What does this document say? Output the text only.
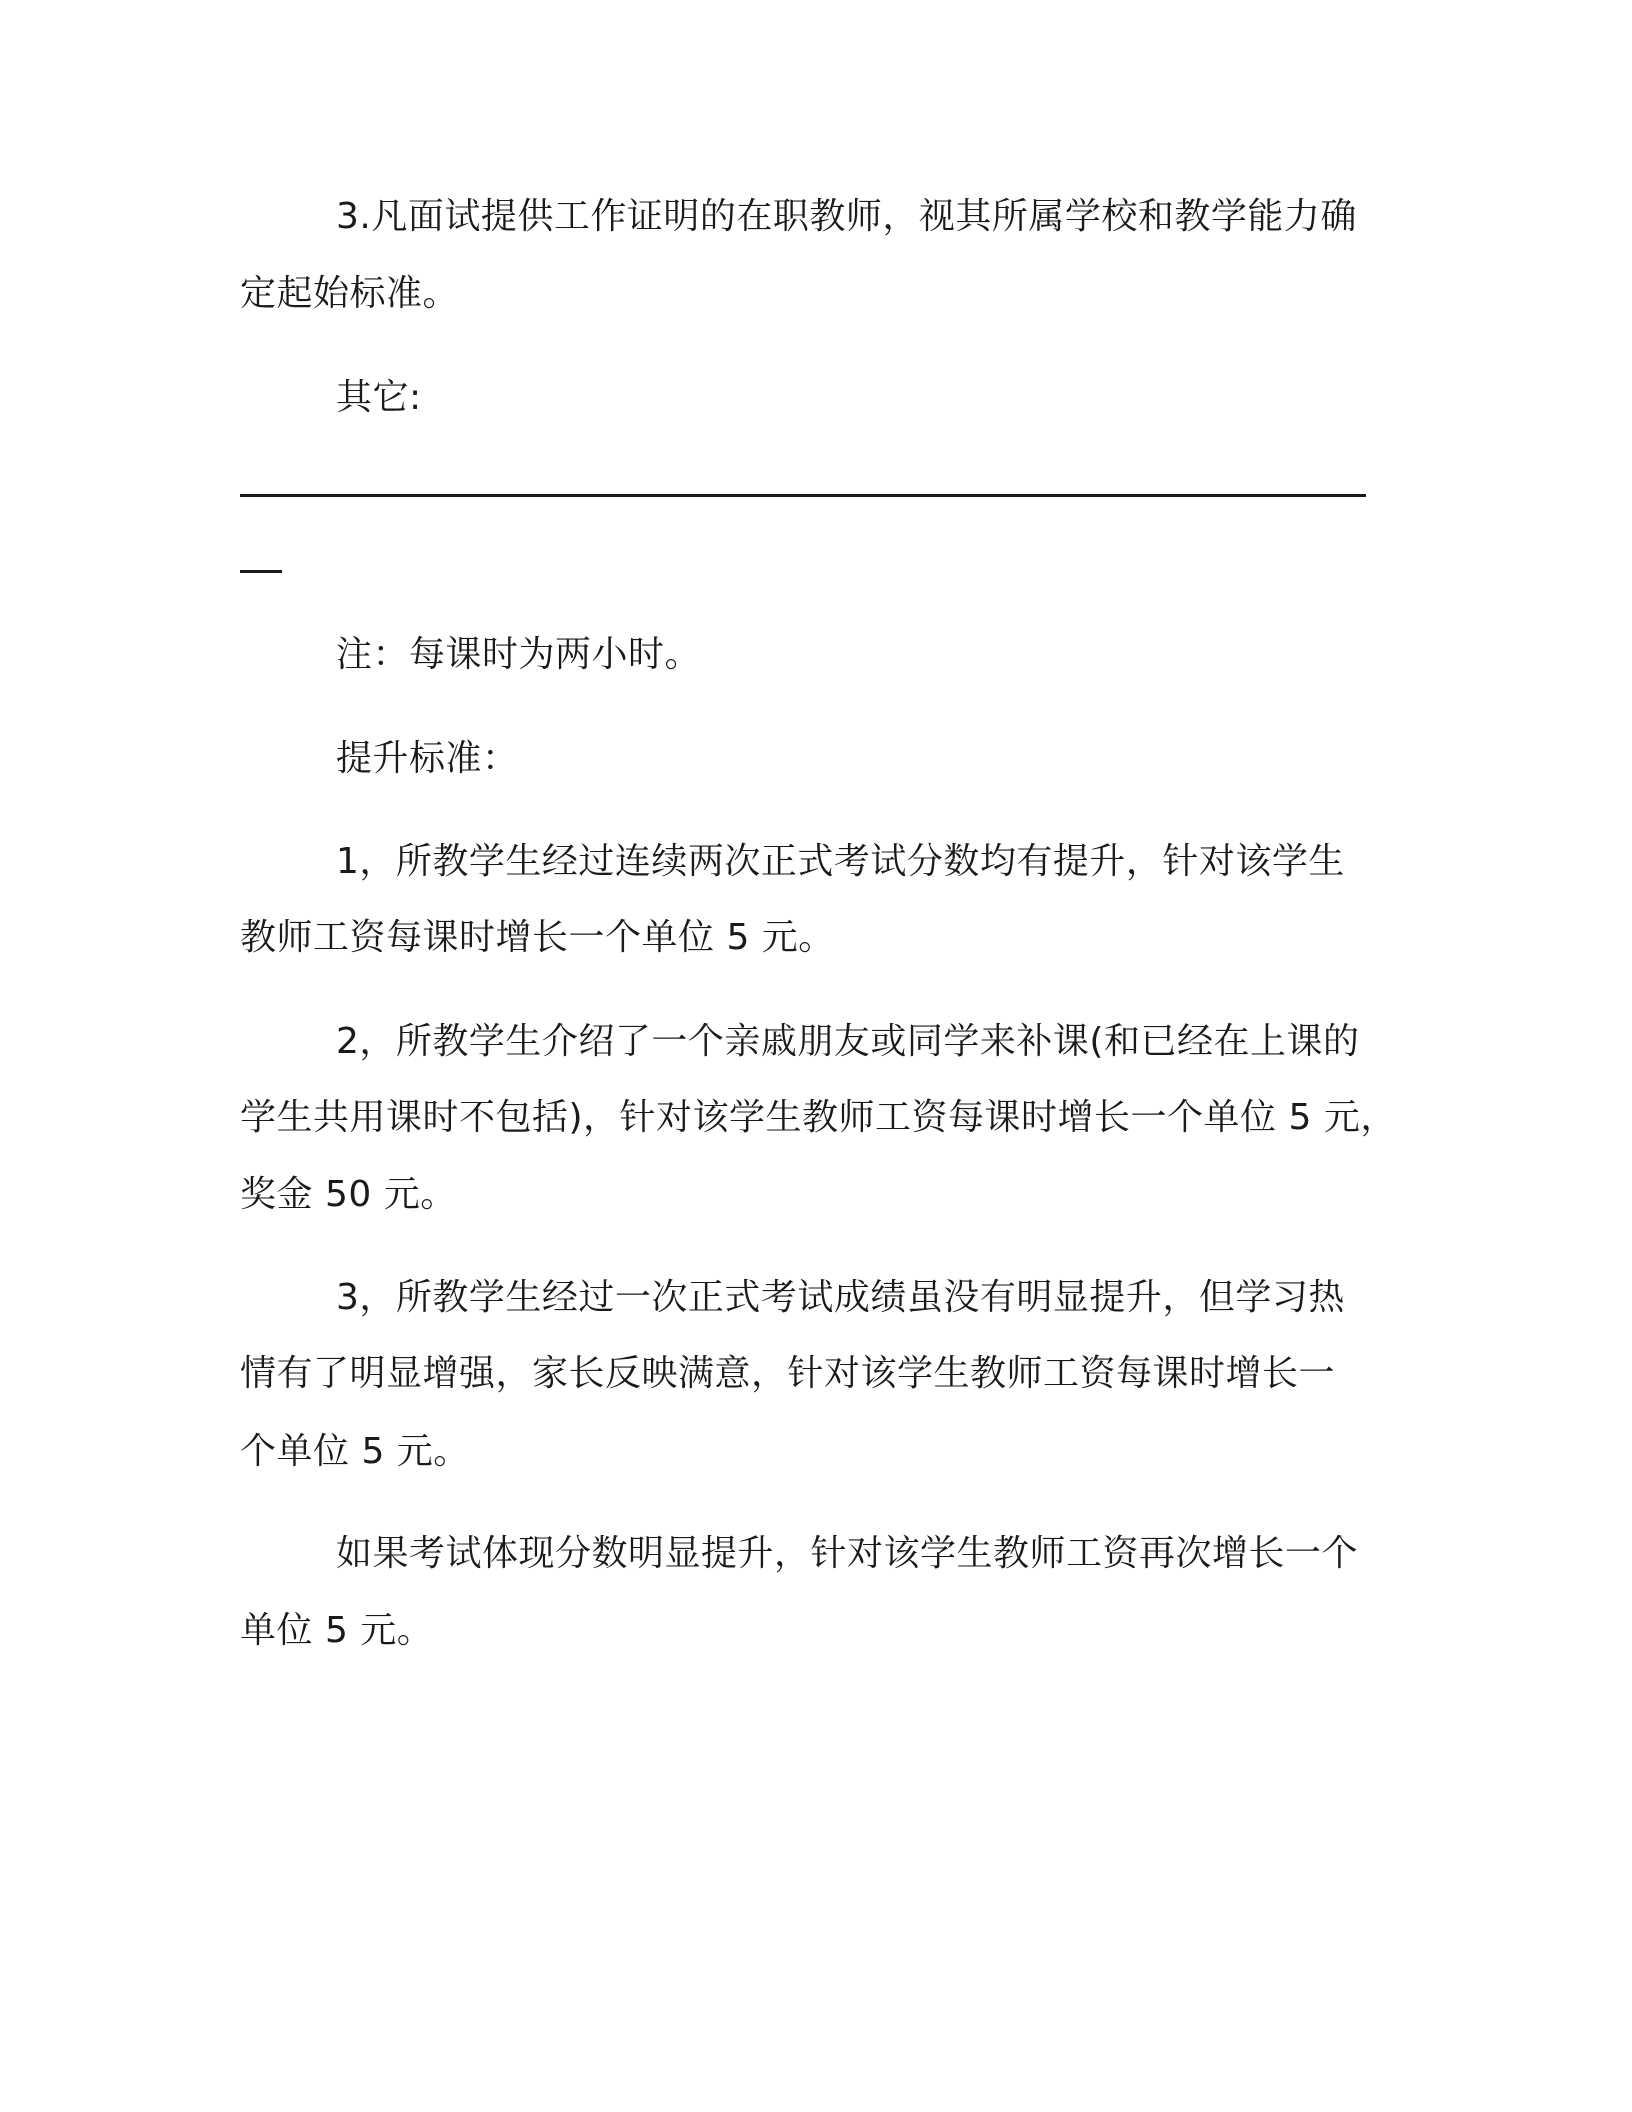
3.凡面试提供工作证明的在职教师，视其所属学校和教学能力确

定起始标准。

其它:

注：每课时为两小时。

提升标准：

1，所教学生经过连续两次正式考试分数均有提升，针对该学生

教师工资每课时增长一个单位 5 元。

2，所教学生介绍了一个亲戚朋友或同学来补课(和已经在上课的

学生共用课时不包括)，针对该学生教师工资每课时增长一个单位 5 元，

奖金 50 元。

3，所教学生经过一次正式考试成绩虽没有明显提升，但学习热

情有了明显增强，家长反映满意，针对该学生教师工资每课时增长一

个单位 5 元。

如果考试体现分数明显提升，针对该学生教师工资再次增长一个

单位 5 元。
